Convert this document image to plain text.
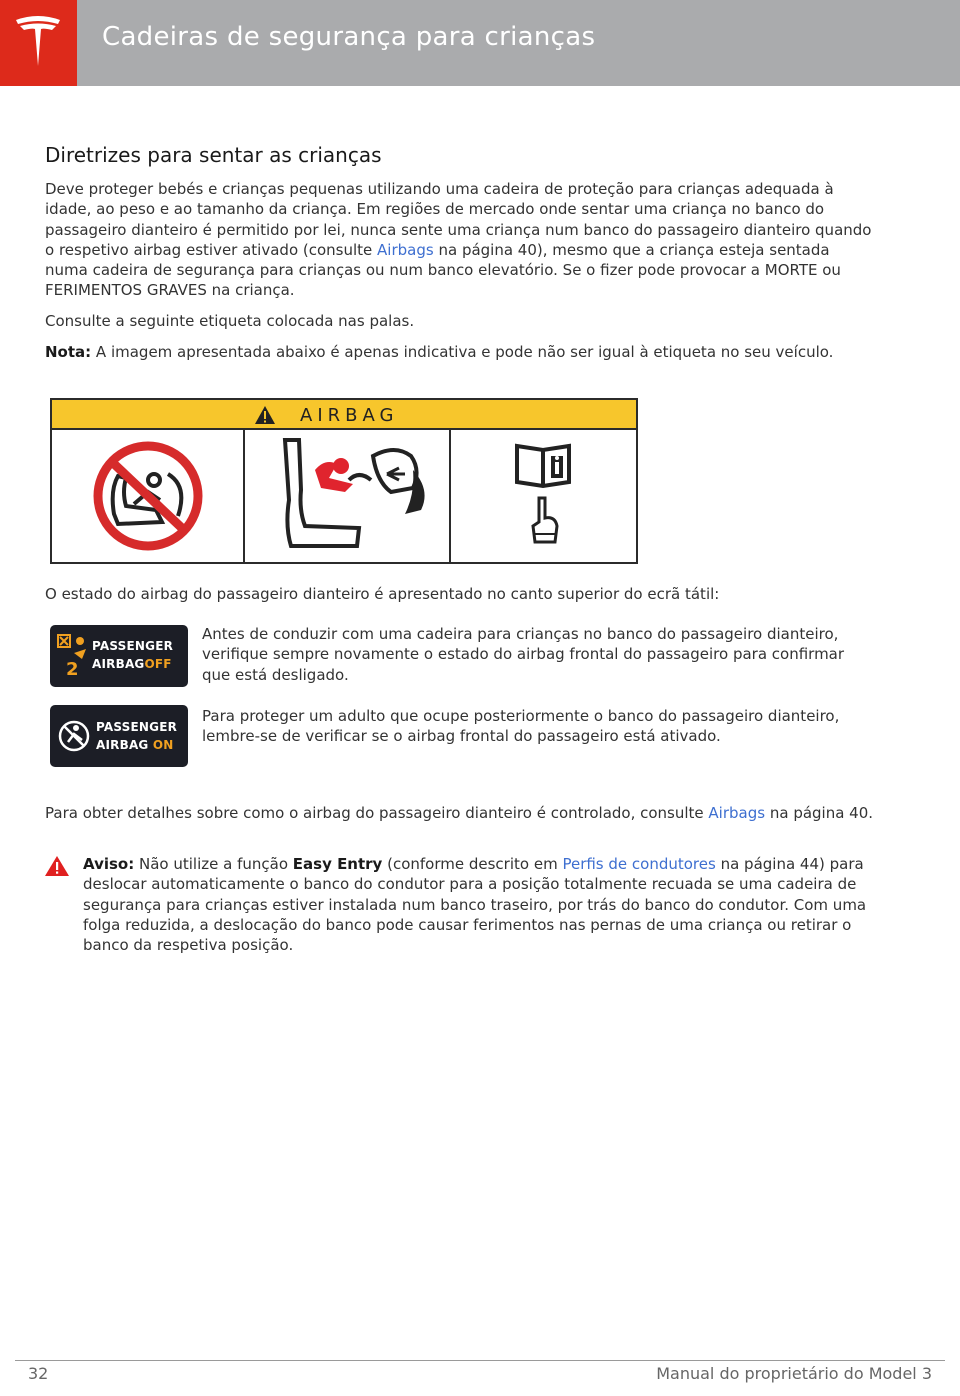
Cadeiras de segurança para crianças
Diretrizes para sentar as crianças

Deve proteger bebés e crianças pequenas utilizando uma cadeira de proteção para crianças adequada à idade, ao peso e ao tamanho da criança. Em regiões de mercado onde sentar uma criança no banco do passageiro dianteiro é permitido por lei, nunca sente uma criança num banco do passageiro dianteiro quando o respetivo airbag estiver ativado (consulte Airbags na página 40), mesmo que a criança esteja sentada numa cadeira de segurança para crianças ou num banco elevatório. Se o fizer pode provocar a MORTE ou FERIMENTOS GRAVES na criança.

Consulte a seguinte etiqueta colocada nas palas.

Nota: A imagem apresentada abaixo é apenas indicativa e pode não ser igual à etiqueta no seu veículo.

AIRBAG

O estado do airbag do passageiro dianteiro é apresentado no canto superior do ecrã tátil:

2
PASSENGER
AIRBAGOFF
Antes de conduzir com uma cadeira para crianças no banco do passageiro dianteiro, verifique sempre novamente o estado do airbag frontal do passageiro para confirmar que está desligado.
PASSENGER
AIRBAG ON
Para proteger um adulto que ocupe posteriormente o banco do passageiro dianteiro, lembre-se de verificar se o airbag frontal do passageiro está ativado.

Para obter detalhes sobre como o airbag do passageiro dianteiro é controlado, consulte Airbags na página 40.

Aviso: Não utilize a função Easy Entry (conforme descrito em Perfis de condutores na página 44) para deslocar automaticamente o banco do condutor para a posição totalmente recuada se uma cadeira de segurança para crianças estiver instalada num banco traseiro, por trás do banco do condutor. Com uma folga reduzida, a deslocação do banco pode causar ferimentos nas pernas de uma criança ou retirar o banco da respetiva posição.
32	Manual do proprietário do Model 3
